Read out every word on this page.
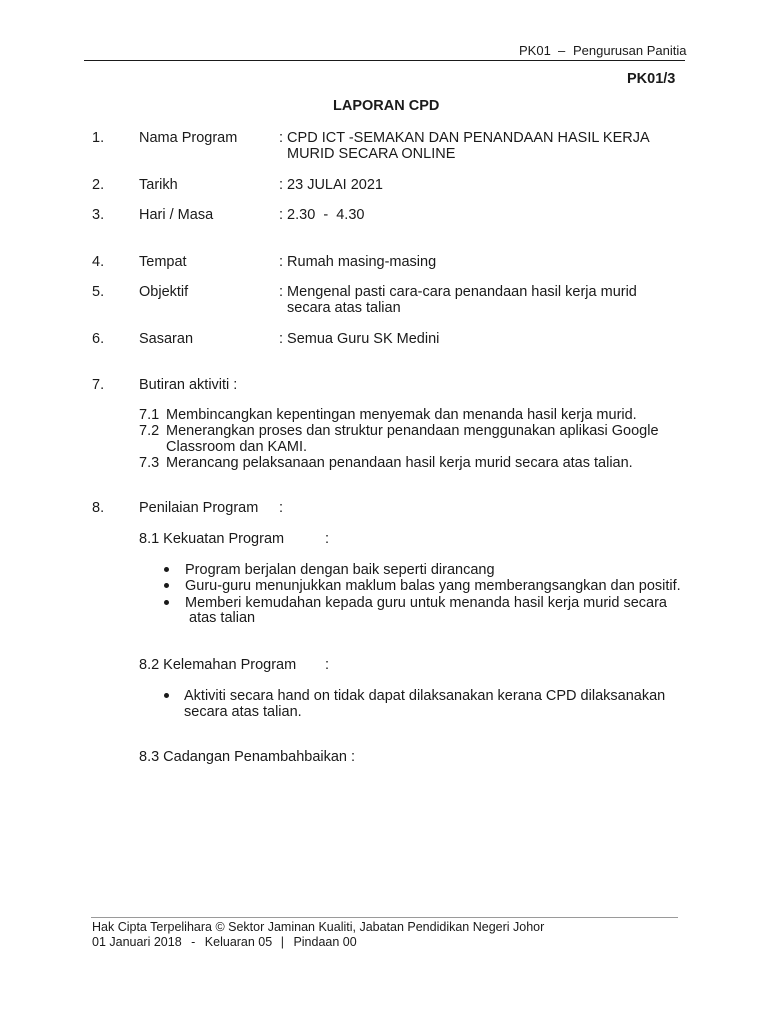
PK01 – Pengurusan Panitia
PK01/3
LAPORAN CPD
1. Nama Program	: CPD ICT -SEMAKAN DAN PENANDAAN HASIL KERJA
MURID SECARA ONLINE
2. Tarikh	: 23 JULAI 2021
3. Hari / Masa	: 2.30  -  4.30
4. Tempat	: Rumah masing-masing
5. Objektif	: Mengenal pasti cara-cara penandaan hasil kerja murid
secara atas talian
6. Sasaran	: Semua Guru SK Medini
7. Butiran aktiviti :
7.1 Membincangkan kepentingan menyemak dan menanda hasil kerja murid.
7.2 Menerangkan proses dan struktur penandaan menggunakan aplikasi Google
Classroom dan KAMI.
7.3 Merancang pelaksanaan penandaan hasil kerja murid secara atas talian.
8. Penilaian Program :
8.1 Kekuatan Program	:
Program berjalan dengan baik seperti dirancang
Guru-guru menunjukkan maklum balas yang memberangsangkan dan positif.
Memberi kemudahan kepada guru untuk menanda hasil kerja murid secara
atas talian
8.2 Kelemahan Program :
Aktiviti secara hand on tidak dapat dilaksanakan kerana CPD dilaksanakan
secara atas talian.
8.3 Cadangan Penambahbaikan :
Hak Cipta Terpelihara © Sektor Jaminan Kualiti, Jabatan Pendidikan Negeri Johor
01 Januari 2018 - Keluaran 05 | Pindaan 00
